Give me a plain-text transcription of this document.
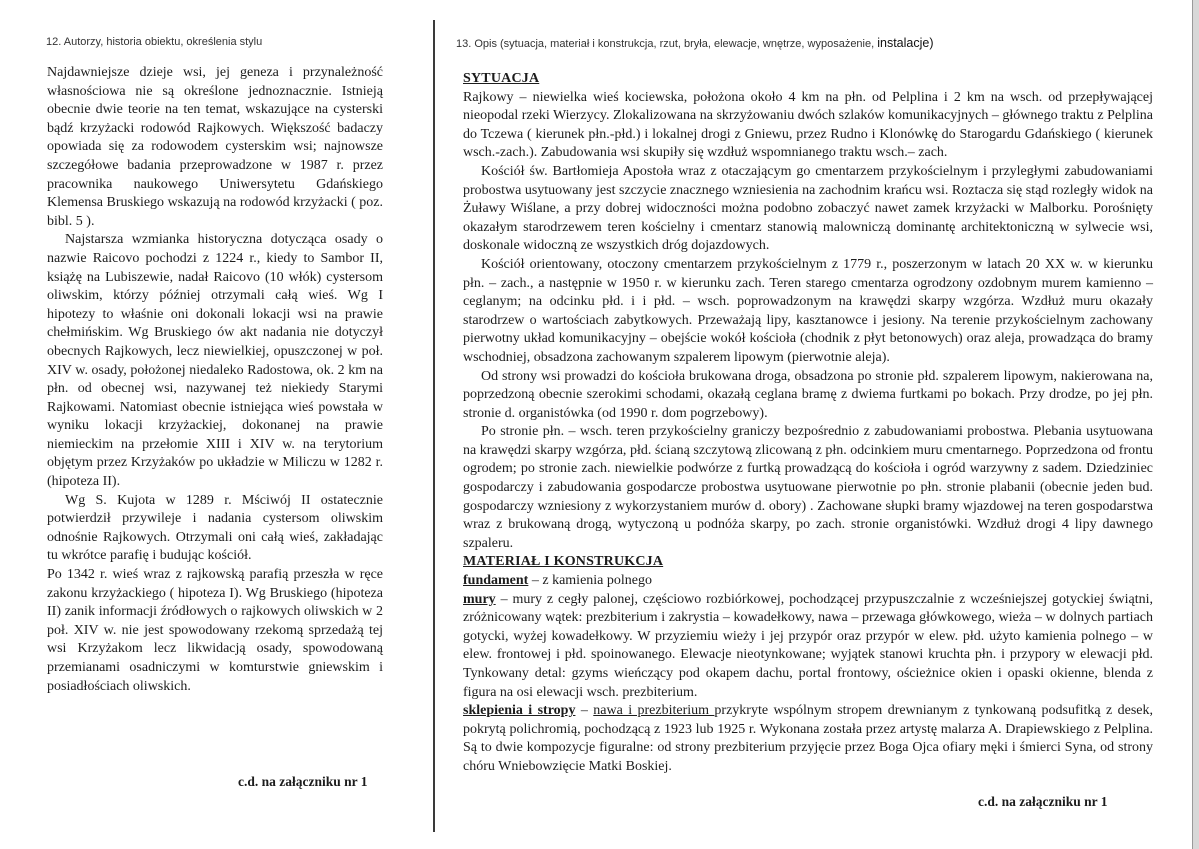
12. Autorzy, historia obiektu, określenia stylu

Najdawniejsze dzieje wsi, jej geneza i przynależność własnościowa nie są określone jednoznacznie. Istnieją obecnie dwie teorie na ten temat, wskazujące na cysterski bądź krzyżacki rodowód Rajkowych. Większość badaczy opowiada się za rodowodem cysterskim wsi; najnowsze szczegółowe badania przeprowadzone w 1987 r. przez pracownika naukowego Uniwersytetu Gdańskiego Klemensa Bruskiego wskazują na rodowód krzyżacki ( poz. bibl. 5 ).

Najstarsza wzmianka historyczna dotycząca osady o nazwie Raicovo pochodzi z 1224 r., kiedy to Sambor II, książę na Lubiszewie, nadał Raicovo (10 włók) cystersom oliwskim, którzy później otrzymali całą wieś. Wg I hipotezy to właśnie oni dokonali lokacji wsi na prawie chełmińskim. Wg Bruskiego ów akt nadania nie dotyczył obecnych Rajkowych, lecz niewielkiej, opuszczonej w poł. XIV w. osady, położonej niedaleko Radostowa, ok. 2 km na płn. od obecnej wsi, nazywanej też niekiedy Starymi Rajkowami. Natomiast obecnie istniejąca wieś powstała w wyniku lokacji krzyżackiej, dokonanej na prawie niemieckim na przełomie XIII i XIV w. na terytorium objętym przez Krzyżaków po układzie w Miliczu w 1282 r.(hipoteza II).

Wg S. Kujota w 1289 r. Mściwój II ostatecznie potwierdził przywileje i nadania cystersom oliwskim odnośnie Rajkowych. Otrzymali oni całą wieś, zakładając tu wkrótce parafię i budując kościół.

Po 1342 r. wieś wraz z rajkowską parafią przeszła w ręce zakonu krzyżackiego ( hipoteza I). Wg Bruskiego (hipoteza II) zanik informacji źródłowych o rajkowych oliwskich w 2 poł. XIV w. nie jest spowodowany rzekomą sprzedażą tej wsi Krzyżakom lecz likwidacją osady, spowodowaną przemianami osadniczymi w komturstwie gniewskim i posiadłościach oliwskich.

c.d. na załączniku nr 1
13. Opis (sytuacja, materiał i konstrukcja, rzut, bryła, elewacje, wnętrze, wyposażenie, instalacje)

SYTUACJA

Rajkowy – niewielka wieś kociewska, położona około 4 km na płn. od Pelplina i 2 km na wsch. od przepływającej nieopodal rzeki Wierzycy. Zlokalizowana na skrzyżowaniu dwóch szlaków komunikacyjnych – głównego traktu z Pelplina do Tczewa ( kierunek płn.-płd.) i lokalnej drogi z Gniewu, przez Rudno i Klonówkę do Starogardu Gdańskiego ( kierunek wsch.-zach.). Zabudowania wsi skupiły się wzdłuż wspomnianego traktu wsch.– zach.

Kościół św. Bartłomieja Apostoła wraz z otaczającym go cmentarzem przykościelnym i przyległymi zabudowaniami probostwa usytuowany jest szczycie znacznego wzniesienia na zachodnim krańcu wsi. Roztacza się stąd rozległy widok na Żuławy Wiślane, a przy dobrej widoczności można podobno zobaczyć nawet zamek krzyżacki w Malborku. Porośnięty okazałym starodrzewem teren kościelny i cmentarz stanowią malowniczą dominantę architektoniczną w sylwecie wsi, doskonale widoczną ze wszystkich dróg dojazdowych.

Kościół orientowany, otoczony cmentarzem przykościelnym z 1779 r., poszerzonym w latach 20 XX w. w kierunku płn. – zach., a następnie w 1950 r. w kierunku zach. Teren starego cmentarza ogrodzony ozdobnym murem kamienno – ceglanym; na odcinku płd. i i płd. – wsch. poprowadzonym na krawędzi skarpy wzgórza. Wzdłuż muru okazały starodrzew o wartościach zabytkowych. Przeważają lipy, kasztanowce i jesiony. Na terenie przykościelnym zachowany pierwotny układ komunikacyjny – obejście wokół kościoła (chodnik z płyt betonowych) oraz aleja, prowadząca do bramy wschodniej, obsadzona zachowanym szpalerem lipowym (pierwotnie aleja).

Od strony wsi prowadzi do kościoła brukowana droga, obsadzona po stronie płd. szpalerem lipowym, nakierowana na, poprzedzoną obecnie szerokimi schodami, okazałą ceglana bramę z dwiema furtkami po bokach. Przy drodze, po jej płn. stronie d. organistówka (od 1990 r. dom pogrzebowy).

Po stronie płn. – wsch. teren przykościelny graniczy bezpośrednio z zabudowaniami probostwa. Plebania usytuowana na krawędzi skarpy wzgórza, płd. ścianą szczytową zlicowaną z płn. odcinkiem muru cmentarnego. Poprzedzona od frontu ogrodem; po stronie zach. niewielkie podwórze z furtką prowadzącą do kościoła i ogród warzywny z sadem. Dziedziniec gospodarczy i zabudowania gospodarcze probostwa usytuowane pierwotnie po płn. stronie plabanii (obecnie jeden bud. gospodarczy wzniesiony z wykorzystaniem murów d. obory) . Zachowane słupki bramy wjazdowej na teren gospodarstwa wraz z brukowaną drogą, wytyczoną u podnóża skarpy, po zach. stronie organistówki. Wzdłuż drogi 4 lipy dawnego szpaleru.

MATERIAŁ I KONSTRUKCJA

fundament – z kamienia polnego

mury – mury z cegły palonej, częściowo rozbiórkowej, pochodzącej przypuszczalnie z wcześniejszej gotyckiej świątni, zróżnicowany wątek: prezbiterium i zakrystia – kowadełkowy, nawa – przewaga główkowego, wieża – w dolnych partiach gotycki, wyżej kowadełkowy. W przyziemiu wieży i jej przypór oraz przypór w elew. płd. użyto kamienia polnego – w elew. frontowej i płd. spoinowanego. Elewacje nieotynkowane; wyjątek stanowi kruchta płn. i przypory w elewacji płd. Tynkowany detal: gzyms wieńczący pod okapem dachu, portal frontowy, ościeżnice okien i opaski okienne, blenda z figura na osi elewacji wsch. prezbiterium.

sklepienia i stropy – nawa i prezbiterium przykryte wspólnym stropem drewnianym z tynkowaną podsufitką z desek, pokrytą polichromią, pochodzącą z 1923 lub 1925 r. Wykonana została przez artystę malarza A. Drapiewskiego z Pelplina. Są to dwie kompozycje figuralne: od strony prezbiterium przyjęcie przez Boga Ojca ofiary męki i śmierci Syna, od strony chóru Wniebowzięcie Matki Boskiej.

c.d. na załączniku nr 1
